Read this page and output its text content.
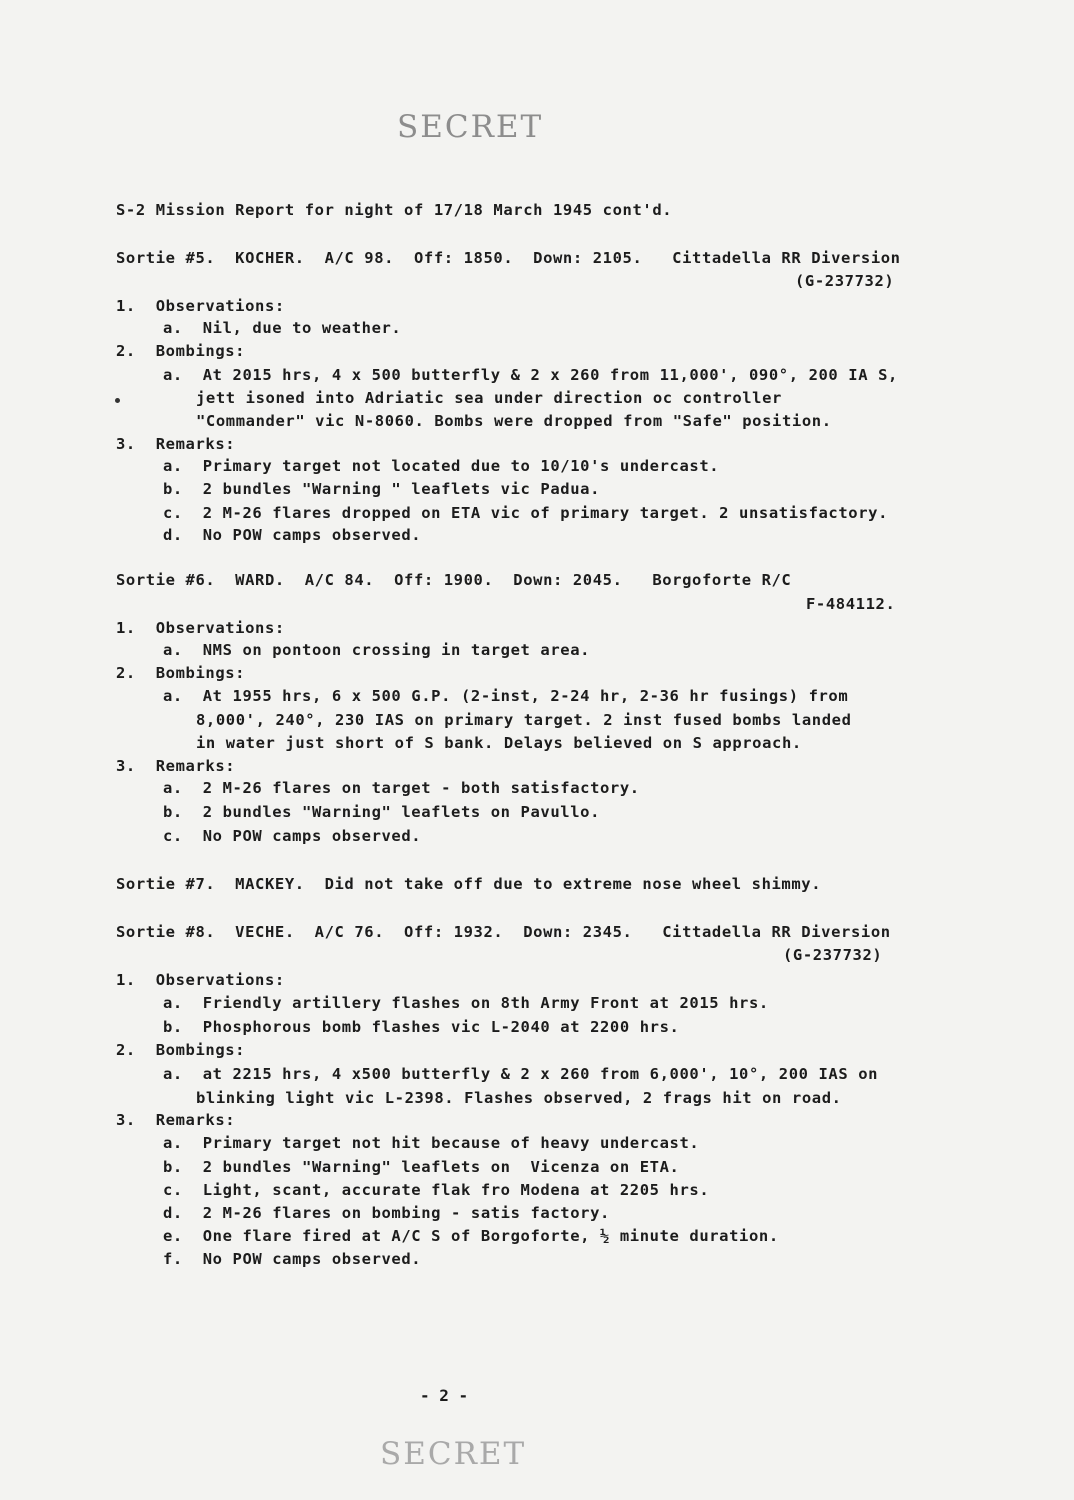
SECRET
S-2 Mission Report for night of 17/18 March 1945 cont'd.
Sortie #5.  KOCHER.  A/C 98.  Off: 1850.  Down: 2105.   Cittadella RR Diversion
(G-237732)
1.  Observations:
a.  Nil, due to weather.
2.  Bombings:
a.  At 2015 hrs, 4 x 500 butterfly & 2 x 260 from 11,000', 090°, 200 IA S,
jett isoned into Adriatic sea under direction oc controller
"Commander" vic N-8060. Bombs were dropped from "Safe" position.
3.  Remarks:
a.  Primary target not located due to 10/10's undercast.
b.  2 bundles "Warning " leaflets vic Padua.
c.  2 M-26 flares dropped on ETA vic of primary target. 2 unsatisfactory.
d.  No POW camps observed.
Sortie #6.  WARD.  A/C 84.  Off: 1900.  Down: 2045.   Borgoforte R/C
F-484112.
1.  Observations:
a.  NMS on pontoon crossing in target area.
2.  Bombings:
a.  At 1955 hrs, 6 x 500 G.P. (2-inst, 2-24 hr, 2-36 hr fusings) from
8,000', 240°, 230 IAS on primary target. 2 inst fused bombs landed
in water just short of S bank. Delays believed on S approach.
3.  Remarks:
a.  2 M-26 flares on target - both satisfactory.
b.  2 bundles "Warning" leaflets on Pavullo.
c.  No POW camps observed.
Sortie #7.  MACKEY.  Did not take off due to extreme nose wheel shimmy.
Sortie #8.  VECHE.  A/C 76.  Off: 1932.  Down: 2345.   Cittadella RR Diversion
(G-237732)
1.  Observations:
a.  Friendly artillery flashes on 8th Army Front at 2015 hrs.
b.  Phosphorous bomb flashes vic L-2040 at 2200 hrs.
2.  Bombings:
a.  at 2215 hrs, 4 x500 butterfly & 2 x 260 from 6,000', 10°, 200 IAS on
blinking light vic L-2398. Flashes observed, 2 frags hit on road.
3.  Remarks:
a.  Primary target not hit because of heavy undercast.
b.  2 bundles "Warning" leaflets on  Vicenza on ETA.
c.  Light, scant, accurate flak fro Modena at 2205 hrs.
d.  2 M-26 flares on bombing - satis factory.
e.  One flare fired at A/C S of Borgoforte, ½ minute duration.
f.  No POW camps observed.
- 2 -
SECRET
